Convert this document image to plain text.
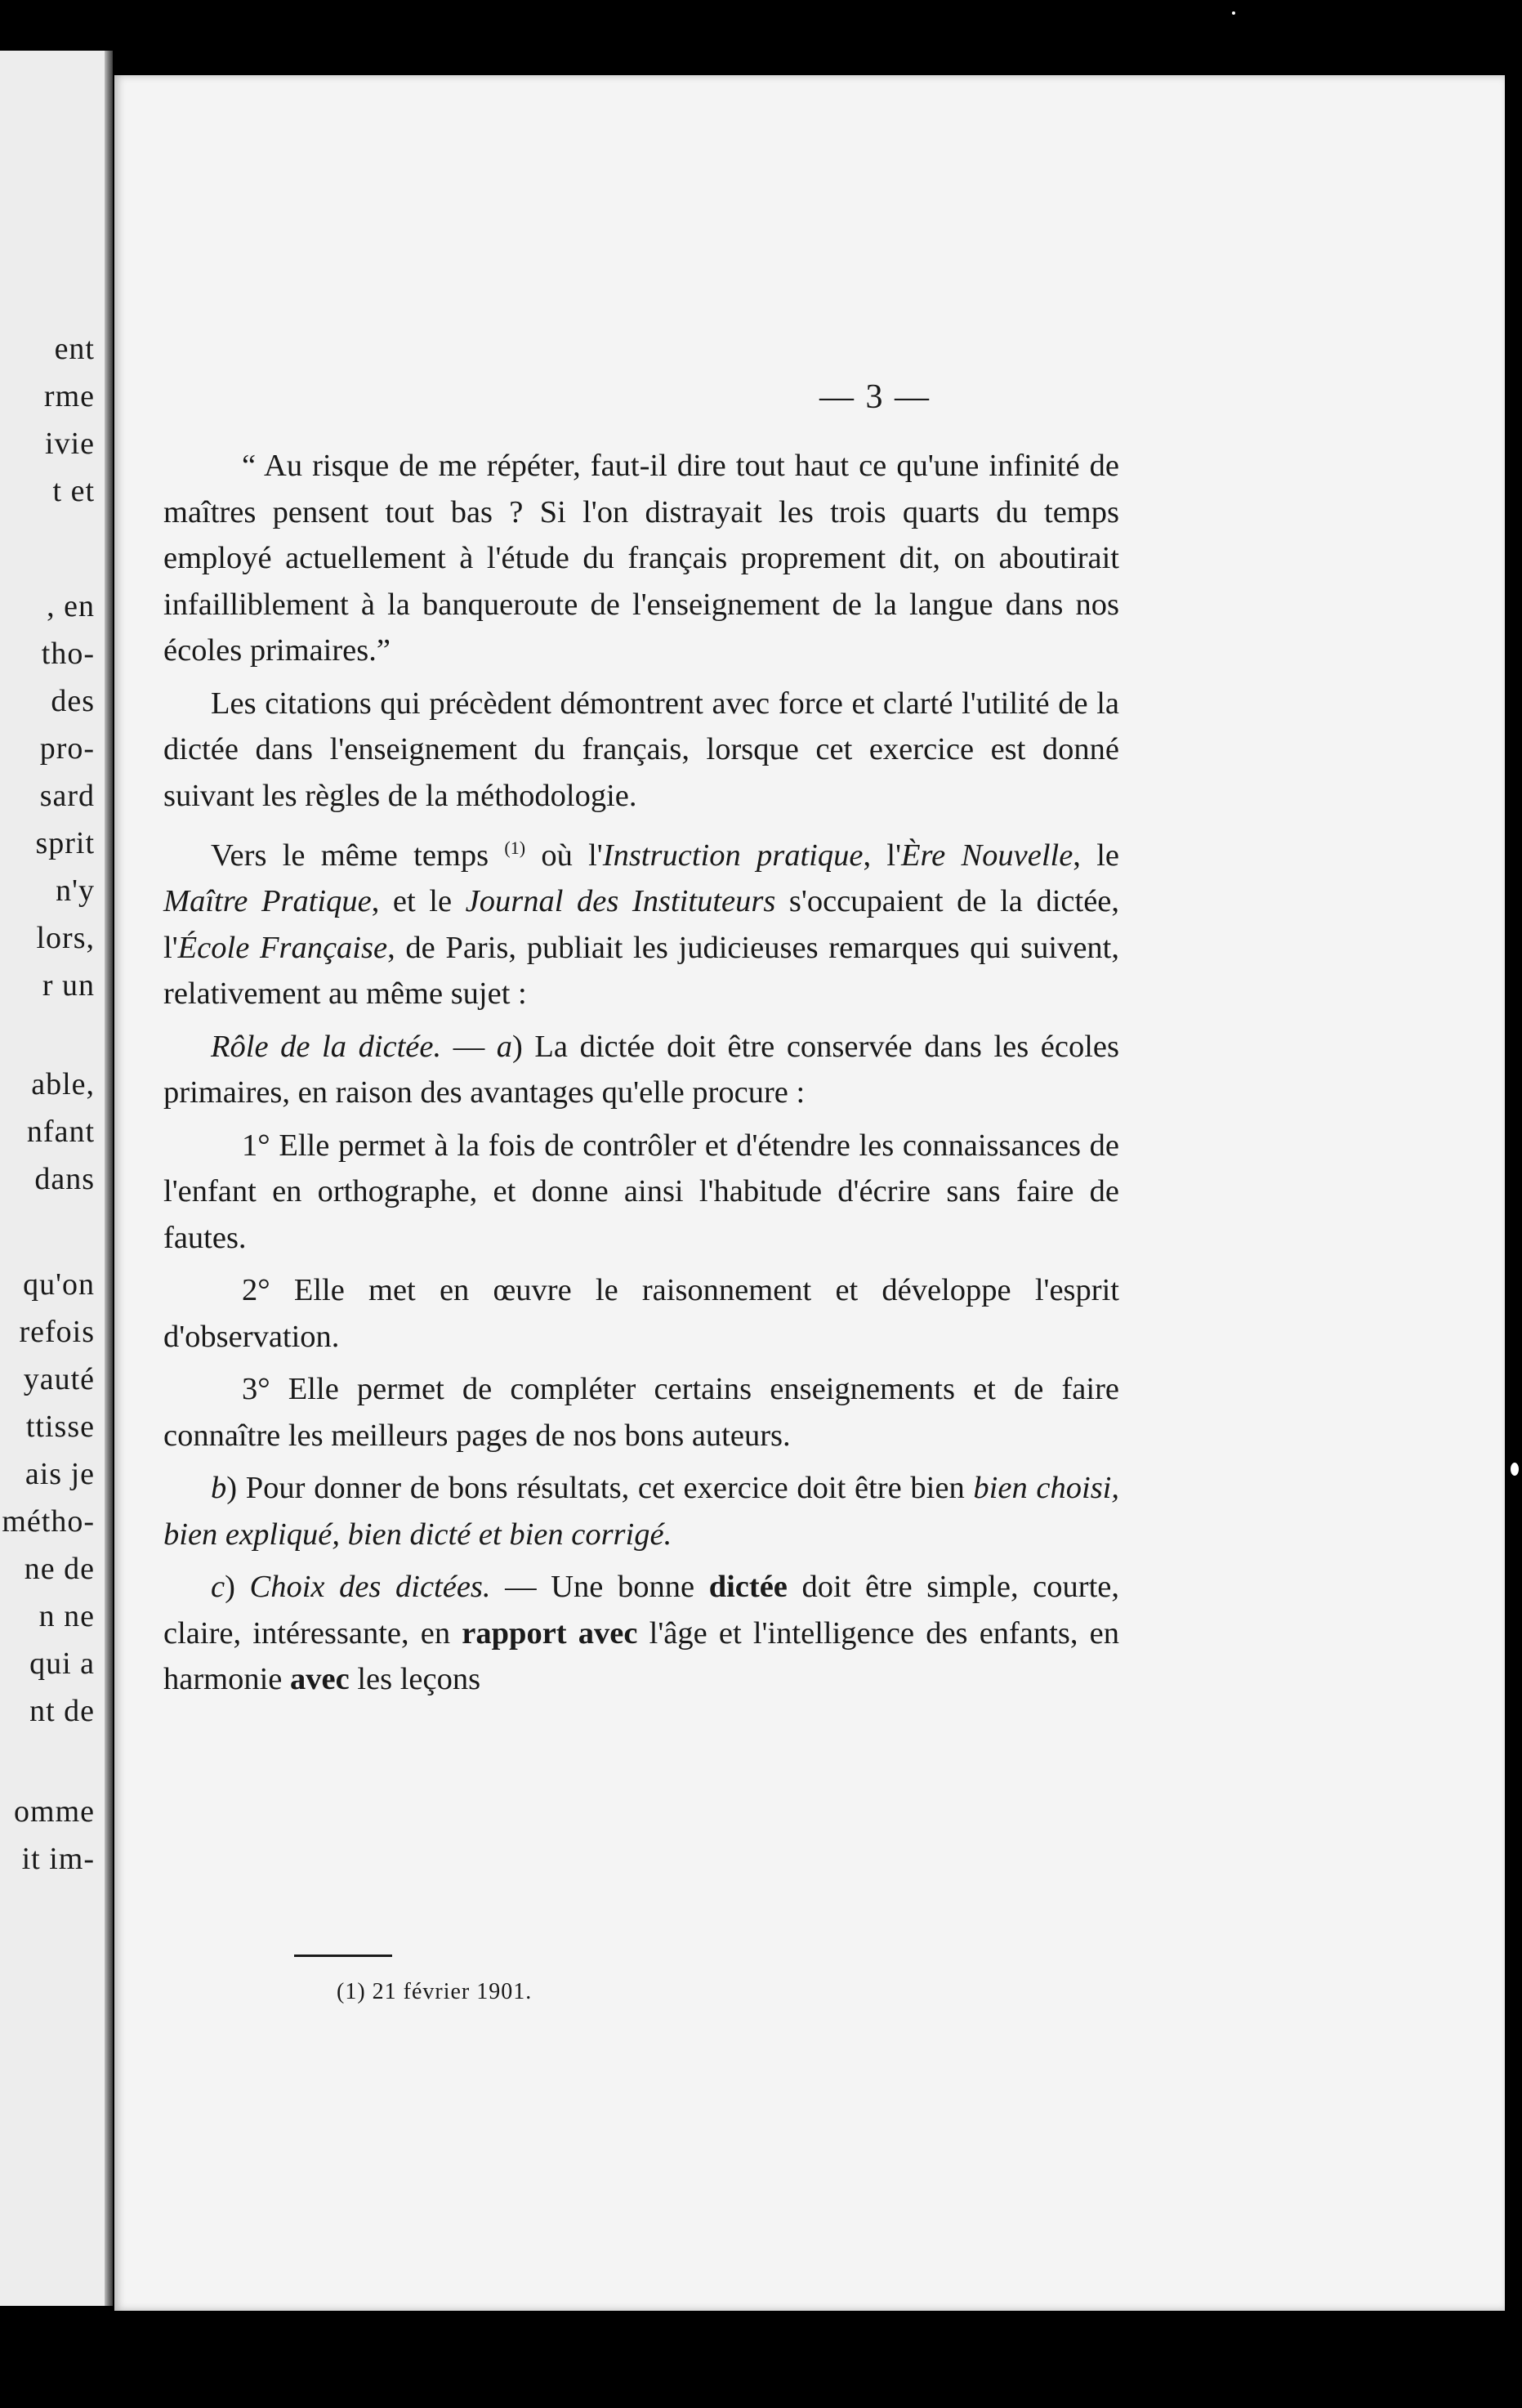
ent
rme
ivie
t et
, en
tho-
des
pro-
sard
sprit
n'y
lors,
r un
able,
nfant
dans
qu'on
refois
yauté
ttisse
ais je
métho-
ne de
n ne
qui a
nt de
omme
it im-
— 3 —

“ Au risque de me répéter, faut-il dire tout haut ce qu'une infinité de maîtres pensent tout bas ? Si l'on distrayait les trois quarts du temps employé actuellement à l'étude du français proprement dit, on aboutirait infailliblement à la banqueroute de l'enseignement de la langue dans nos écoles primaires.”

Les citations qui précèdent démontrent avec force et clarté l'utilité de la dictée dans l'enseignement du français, lorsque cet exercice est donné suivant les règles de la méthodologie.

Vers le même temps $^{(1)}$ où l'Instruction pratique, l'Ère Nouvelle, le Maître Pratique, et le Journal des Instituteurs s'occupaient de la dictée, l'École Française, de Paris, publiait les judicieuses remarques qui suivent, relativement au même sujet :

Rôle de la dictée. — a) La dictée doit être conservée dans les écoles primaires, en raison des avantages qu'elle procure :

1° Elle permet à la fois de contrôler et d'étendre les connaissances de l'enfant en orthographe, et donne ainsi l'habitude d'écrire sans faire de fautes.

2° Elle met en œuvre le raisonnement et développe l'esprit d'observation.

3° Elle permet de compléter certains enseignements et de faire connaître les meilleurs pages de nos bons auteurs.

b) Pour donner de bons résultats, cet exercice doit être bien bien choisi, bien expliqué, bien dicté et bien corrigé.

c) Choix des dictées. — Une bonne dictée doit être simple, courte, claire, intéressante, en rapport avec l'âge et l'intelligence des enfants, en harmonie avec les leçons

(1) 21 février 1901.
